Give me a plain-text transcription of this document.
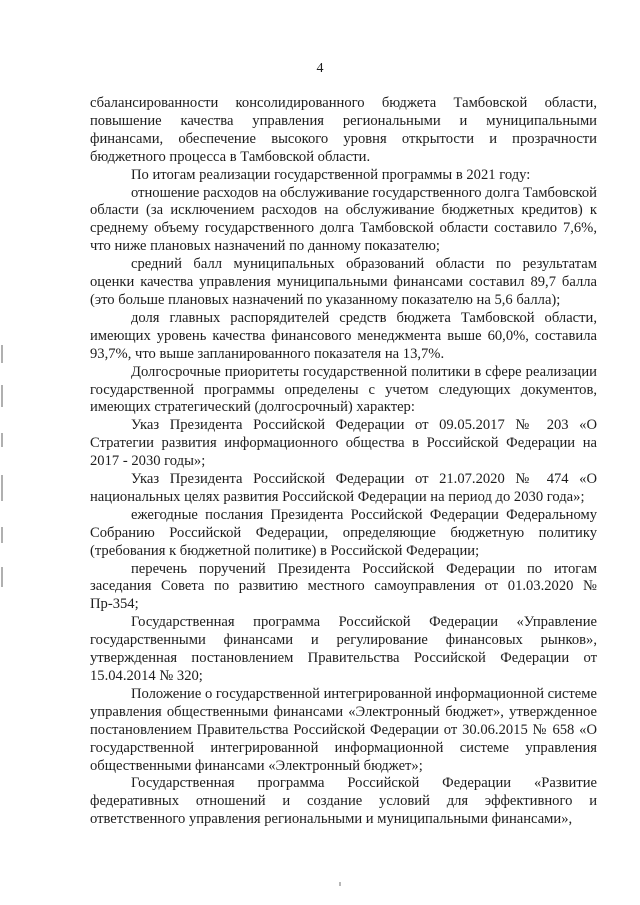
4

сбалансированности консолидированного бюджета Тамбовской области, повышение качества управления региональными и муниципальными финансами, обеспечение высокого уровня открытости и прозрачности бюджетного процесса в Тамбовской области.

По итогам реализации государственной программы в 2021 году:

отношение расходов на обслуживание государственного долга Тамбовской области (за исключением расходов на обслуживание бюджетных кредитов) к среднему объему государственного долга Тамбовской области составило 7,6%, что ниже плановых назначений по данному показателю;

средний балл муниципальных образований области по результатам оценки качества управления муниципальными финансами составил 89,7 балла (это больше плановых назначений по указанному показателю на 5,6 балла);

доля главных распорядителей средств бюджета Тамбовской области, имеющих уровень качества финансового менеджмента выше 60,0%, составила 93,7%, что выше запланированного показателя на 13,7%.

Долгосрочные приоритеты государственной политики в сфере реализации государственной программы определены с учетом следующих документов, имеющих стратегический (долгосрочный) характер:

Указ Президента Российской Федерации от 09.05.2017 № 203 «О Стратегии развития информационного общества в Российской Федерации на 2017 - 2030 годы»;

Указ Президента Российской Федерации от 21.07.2020 № 474 «О национальных целях развития Российской Федерации на период до 2030 года»;

ежегодные послания Президента Российской Федерации Федеральному Собранию Российской Федерации, определяющие бюджетную политику (требования к бюджетной политике) в Российской Федерации;

перечень поручений Президента Российской Федерации по итогам заседания Совета по развитию местного самоуправления от 01.03.2020 № Пр-354;

Государственная программа Российской Федерации «Управление государственными финансами и регулирование финансовых рынков», утвержденная постановлением Правительства Российской Федерации от 15.04.2014 № 320;

Положение о государственной интегрированной информационной системе управления общественными финансами «Электронный бюджет», утвержденное постановлением Правительства Российской Федерации от 30.06.2015 № 658 «О государственной интегрированной информационной системе управления общественными финансами «Электронный бюджет»;

Государственная программа Российской Федерации «Развитие федеративных отношений и создание условий для эффективного и ответственного управления региональными и муниципальными финансами»,
